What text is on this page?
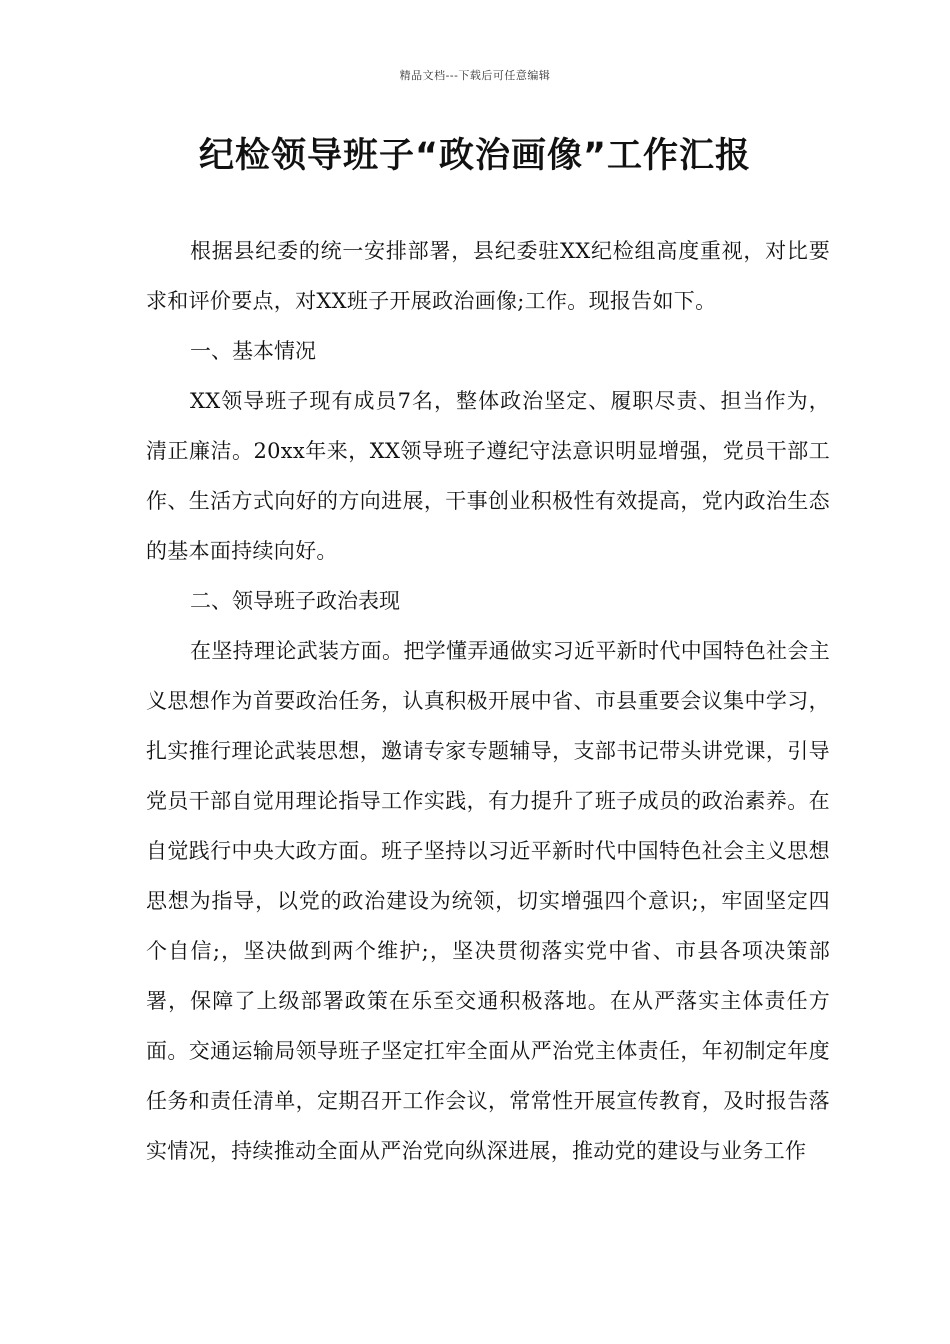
精品文档---下载后可任意编辑
纪检领导班子“政治画像”工作汇报

根据县纪委的统一安排部署，县纪委驻XX纪检组高度重视，对比要求和评价要点，对XX班子开展政治画像;工作。现报告如下。

一、基本情况

XX领导班子现有成员7名，整体政治坚定、履职尽责、担当作为，清正廉洁。20xx年来，XX领导班子遵纪守法意识明显增强，党员干部工作、生活方式向好的方向进展，干事创业积极性有效提高，党内政治生态的基本面持续向好。

二、领导班子政治表现

在坚持理论武装方面。把学懂弄通做实习近平新时代中国特色社会主义思想作为首要政治任务，认真积极开展中省、市县重要会议集中学习，扎实推行理论武装思想，邀请专家专题辅导，支部书记带头讲党课，引导党员干部自觉用理论指导工作实践，有力提升了班子成员的政治素养。在自觉践行中央大政方面。班子坚持以习近平新时代中国特色社会主义思想思想为指导，以党的政治建设为统领，切实增强四个意识;，牢固坚定四个自信;，坚决做到两个维护;，坚决贯彻落实党中省、市县各项决策部署，保障了上级部署政策在乐至交通积极落地。在从严落实主体责任方面。交通运输局领导班子坚定扛牢全面从严治党主体责任，年初制定年度任务和责任清单，定期召开工作会议，常常性开展宣传教育，及时报告落实情况，持续推动全面从严治党向纵深进展，推动党的建设与业务工作
